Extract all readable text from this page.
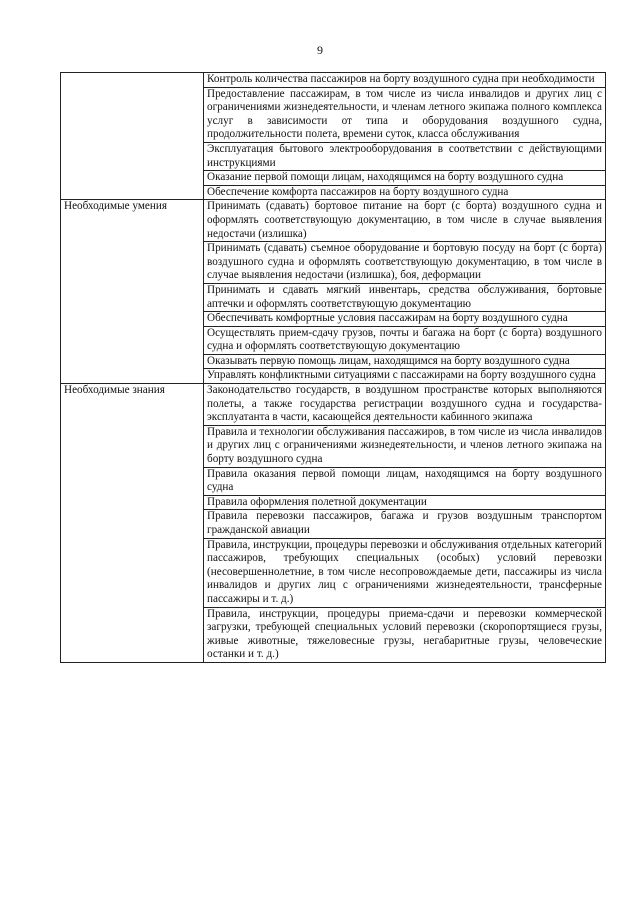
9
	Контроль количества пассажиров на борту воздушного судна при необходимости
	Предоставление пассажирам, в том числе из числа инвалидов и других лиц с ограничениями жизнедеятельности, и членам летного экипажа полного комплекса услуг в зависимости от типа и оборудования воздушного судна, продолжительности полета, времени суток, класса обслуживания
	Эксплуатация бытового электрооборудования в соответствии с действующими инструкциями
	Оказание первой помощи лицам, находящимся на борту воздушного судна
	Обеспечение комфорта пассажиров на борту воздушного судна
Необходимые умения	Принимать (сдавать) бортовое питание на борт (с борта) воздушного судна и оформлять соответствующую документацию, в том числе в случае выявления недостачи (излишка)
	Принимать (сдавать) съемное оборудование и бортовую посуду на борт (с борта) воздушного судна и оформлять соответствующую документацию, в том числе в случае выявления недостачи (излишка), боя, деформации
	Принимать и сдавать мягкий инвентарь, средства обслуживания, бортовые аптечки и оформлять соответствующую документацию
	Обеспечивать комфортные условия пассажирам на борту воздушного судна
	Осуществлять прием-сдачу грузов, почты и багажа на борт (с борта) воздушного судна и оформлять соответствующую документацию
	Оказывать первую помощь лицам, находящимся на борту воздушного судна
	Управлять конфликтными ситуациями с пассажирами на борту воздушного судна
Необходимые знания	Законодательство государств, в воздушном пространстве которых выполняются полеты, а также государства регистрации воздушного судна и государства-эксплуатанта в части, касающейся деятельности кабинного экипажа
	Правила и технологии обслуживания пассажиров, в том числе из числа инвалидов и других лиц с ограничениями жизнедеятельности, и членов летного экипажа на борту воздушного судна
	Правила оказания первой помощи лицам, находящимся на борту воздушного судна
	Правила оформления полетной документации
	Правила перевозки пассажиров, багажа и грузов воздушным транспортом гражданской авиации
	Правила, инструкции, процедуры перевозки и обслуживания отдельных категорий пассажиров, требующих специальных (особых) условий перевозки (несовершеннолетние, в том числе несопровождаемые дети, пассажиры из числа инвалидов и других лиц с ограничениями жизнедеятельности, трансферные пассажиры и т. д.)
	Правила, инструкции, процедуры приема-сдачи и перевозки коммерческой загрузки, требующей специальных условий перевозки (скоропортящиеся грузы, живые животные, тяжеловесные грузы, негабаритные грузы, человеческие останки и т. д.)
